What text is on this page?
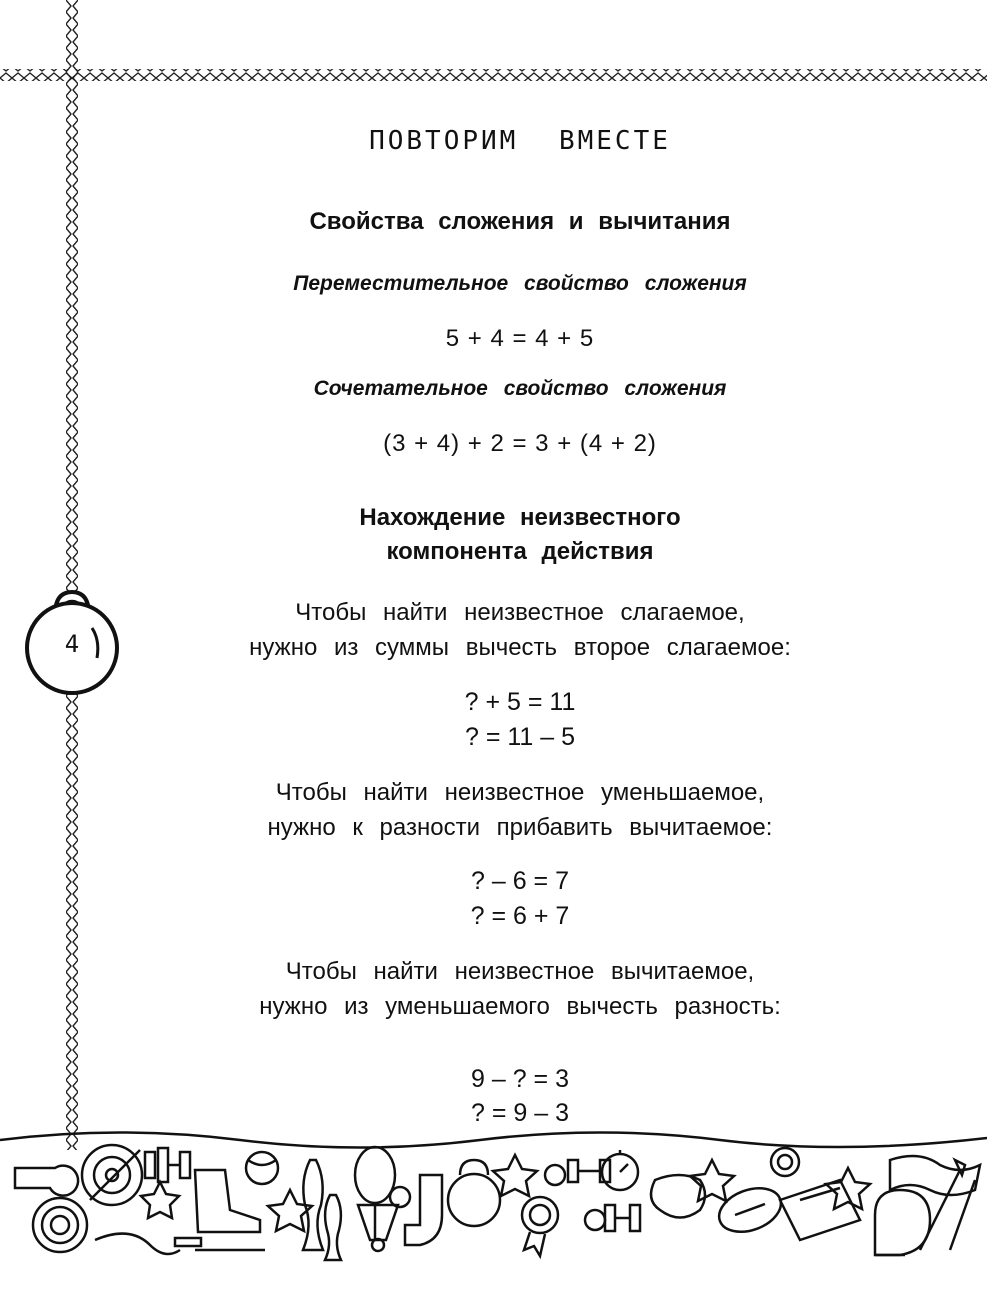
4
ПОВТОРИМ ВМЕСТЕ
Свойства сложения и вычитания
Переместительное свойство сложения
5 + 4 = 4 + 5
Сочетательное свойство сложения
(3 + 4) + 2 = 3 + (4 + 2)
Нахождение неизвестного
компонента действия
Чтобы найти неизвестное слагаемое,
нужно из суммы вычесть второе слагаемое:
? + 5 = 11
? = 11 – 5
Чтобы найти неизвестное уменьшаемое,
нужно к разности прибавить вычитаемое:
? – 6 = 7
? = 6 + 7
Чтобы найти неизвестное вычитаемое,
нужно из уменьшаемого вычесть разность:
9 – ? = 3
? = 9 – 3
